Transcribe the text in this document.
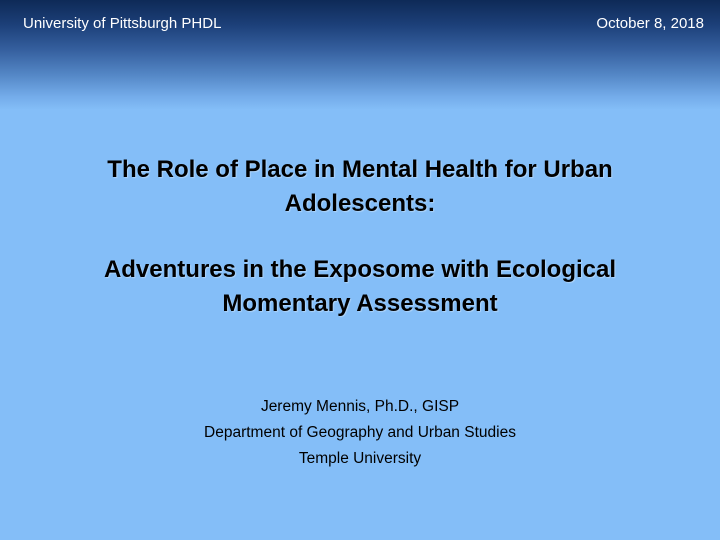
University of Pittsburgh PHDL	October 8, 2018
The Role of Place in Mental Health for Urban Adolescents:
Adventures in the Exposome with Ecological Momentary Assessment
Jeremy Mennis, Ph.D., GISP
Department of Geography and Urban Studies
Temple University
